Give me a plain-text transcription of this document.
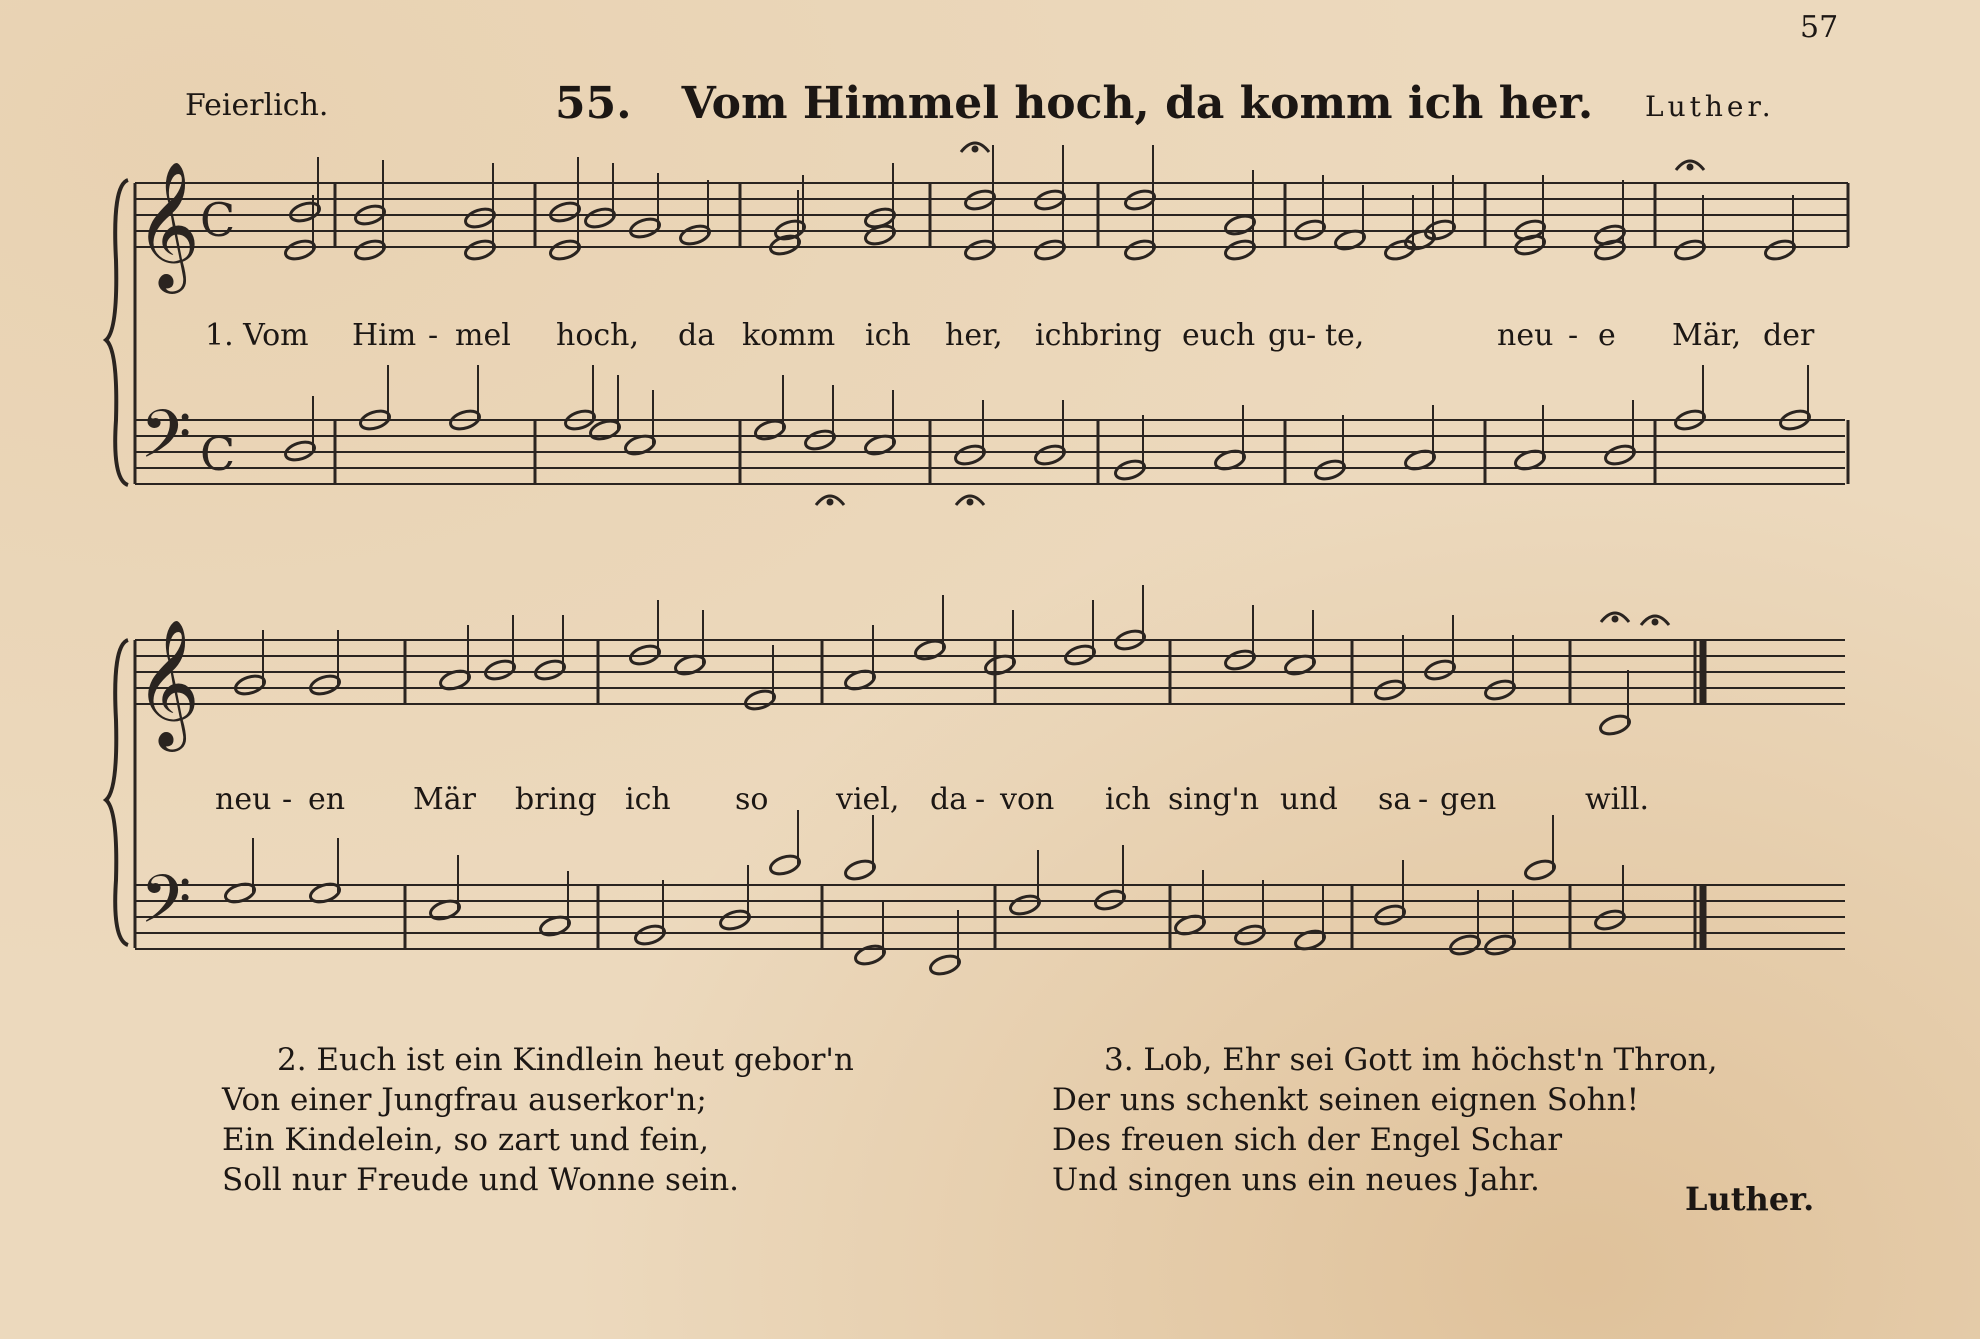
57
Feierlich.	55. Vom Himmel hoch, da komm ich her. Luther.
𝄞 C
𝄢 C
𝄞
𝄢
1. Vom Him - mel hoch, da komm ich her, ich bring euch gu - te,	neu - e Mär, der
neu - en Mär bring ich so viel, da - von ich sing'n und sa - gen	will.

2. Euch ist ein Kindlein heut gebor'n

Von einer Jungfrau auserkor'n;

Ein Kindelein, so zart und fein,

Soll nur Freude und Wonne sein.

3. Lob, Ehr sei Gott im höchst'n Thron,

Der uns schenkt seinen eignen Sohn!

Des freuen sich der Engel Schar

Und singen uns ein neues Jahr.	Luther.
